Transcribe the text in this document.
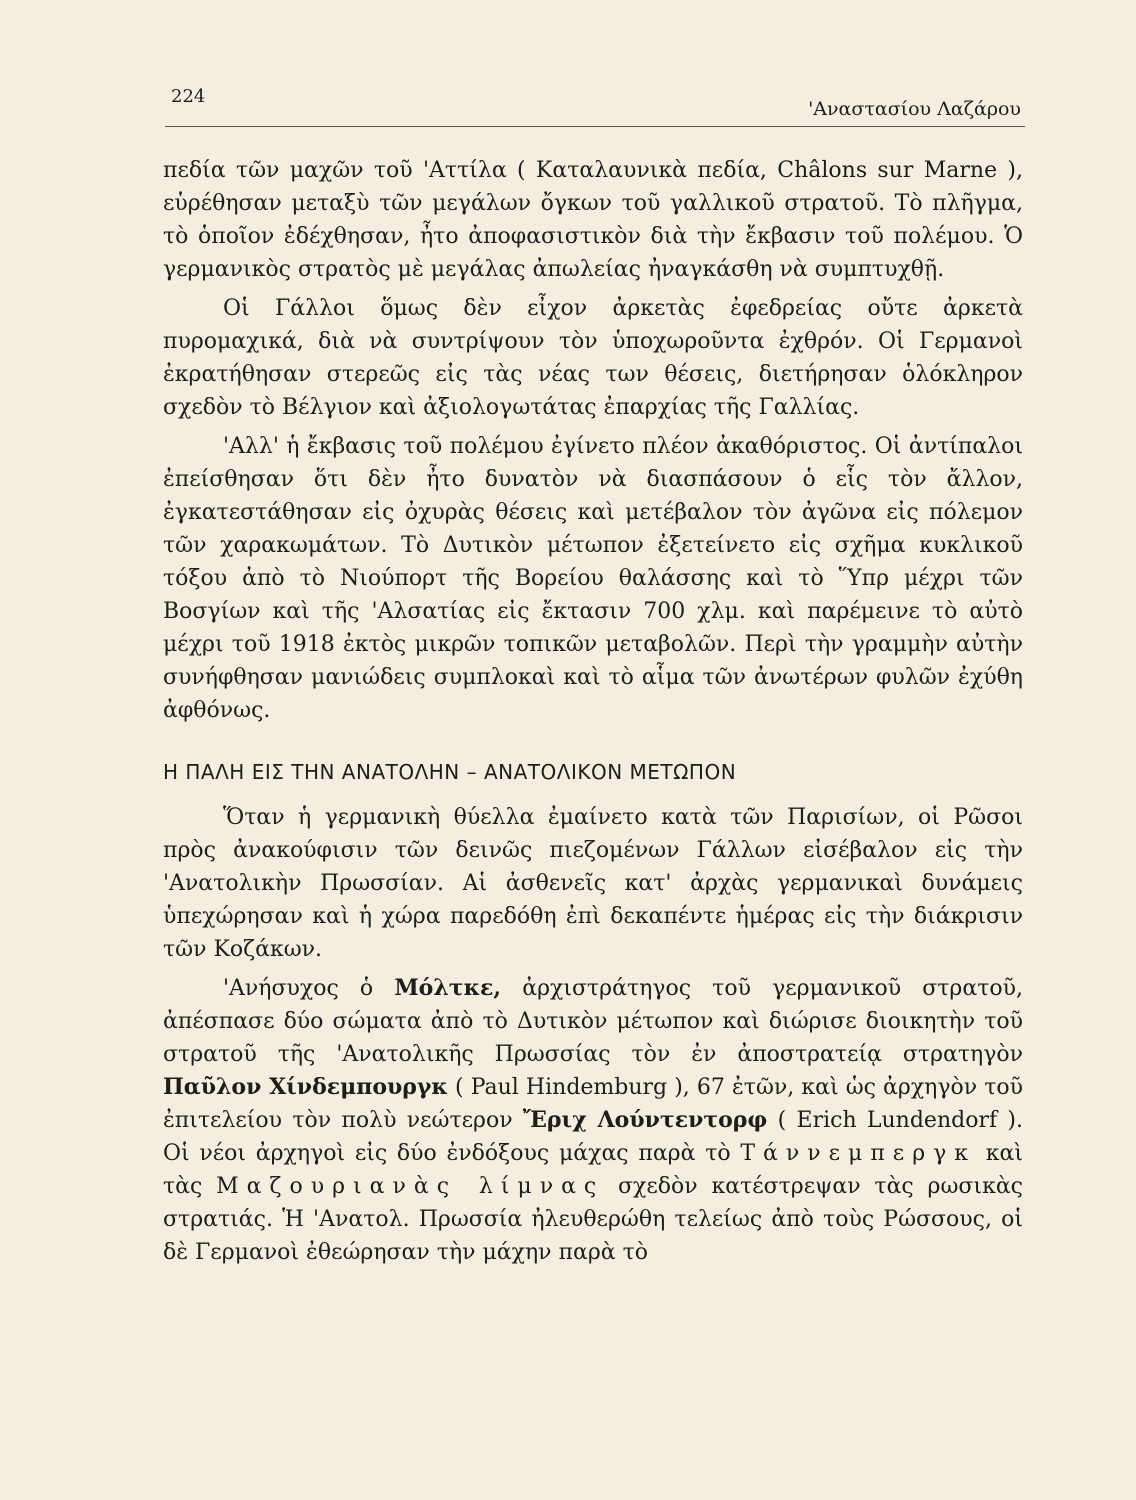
224
'Αναστασίου Λαζάρου

πεδία τῶν μαχῶν τοῦ 'Αττίλα ( Καταλαυνικὰ πεδία, Châlons sur Marne ), εὑρέθησαν μεταξὺ τῶν μεγάλων ὄγκων τοῦ γαλλικοῦ στρατοῦ. Τὸ πλῆγμα, τὸ ὁποῖον ἐδέχθησαν, ἦτο ἀποφασιστικὸν διὰ τὴν ἔκβασιν τοῦ πολέμου. Ὁ γερμανικὸς στρατὸς μὲ μεγάλας ἀπωλείας ἠναγκάσθη νὰ συμπτυχθῇ.

Οἱ Γάλλοι ὅμως δὲν εἶχον ἀρκετὰς ἐφεδρείας οὔτε ἀρκετὰ πυρομαχικά, διὰ νὰ συντρίψουν τὸν ὑποχωροῦντα ἐχθρόν. Οἱ Γερμανοὶ ἐκρατήθησαν στερεῶς εἰς τὰς νέας των θέσεις, διετήρησαν ὁλόκληρον σχεδὸν τὸ Βέλγιον καὶ ἀξιολογωτάτας ἐπαρχίας τῆς Γαλλίας.

'Αλλ' ἡ ἔκβασις τοῦ πολέμου ἐγίνετο πλέον ἀκαθόριστος. Οἱ ἀντίπαλοι ἐπείσθησαν ὅτι δὲν ἦτο δυνατὸν νὰ διασπάσουν ὁ εἷς τὸν ἄλλον, ἐγκατεστάθησαν εἰς ὀχυρὰς θέσεις καὶ μετέβαλον τὸν ἀγῶνα εἰς πόλεμον τῶν χαρακωμάτων. Τὸ Δυτικὸν μέτωπον ἐξετείνετο εἰς σχῆμα κυκλικοῦ τόξου ἀπὸ τὸ Νιούπορτ τῆς Βορείου θαλάσσης καὶ τὸ Ὕπρ μέχρι τῶν Βοσγίων καὶ τῆς 'Αλσατίας εἰς ἔκτασιν 700 χλμ. καὶ παρέμεινε τὸ αὐτὸ μέχρι τοῦ 1918 ἐκτὸς μικρῶν τοπικῶν μεταβολῶν. Περὶ τὴν γραμμὴν αὐτὴν συνήφθησαν μανιώδεις συμπλοκαὶ καὶ τὸ αἷμα τῶν ἀνωτέρων φυλῶν ἐχύθη ἀφθόνως.

Η ΠΑΛΗ ΕΙΣ ΤΗΝ ΑΝΑΤΟΛΗΝ – ΑΝΑΤΟΛΙΚΟΝ ΜΕΤΩΠΟΝ

Ὅταν ἡ γερμανικὴ θύελλα ἐμαίνετο κατὰ τῶν Παρισίων, οἱ Ρῶσοι πρὸς ἀνακούφισιν τῶν δεινῶς πιεζομένων Γάλλων εἰσέβαλον εἰς τὴν 'Ανατολικὴν Πρωσσίαν. Αἱ ἀσθενεῖς κατ' ἀρχὰς γερμανικαὶ δυνάμεις ὑπεχώρησαν καὶ ἡ χώρα παρεδόθη ἐπὶ δεκαπέντε ἡμέρας εἰς τὴν διάκρισιν τῶν Κοζάκων.

'Ανήσυχος ὁ Μόλτκε, ἀρχιστράτηγος τοῦ γερμανικοῦ στρατοῦ, ἀπέσπασε δύο σώματα ἀπὸ τὸ Δυτικὸν μέτωπον καὶ διώρισε διοικητὴν τοῦ στρατοῦ τῆς 'Ανατολικῆς Πρωσσίας τὸν ἐν ἀποστρατείᾳ στρατηγὸν Παῦλον Χίνδεμπουργκ ( Paul Hindemburg ), 67 ἐτῶν, καὶ ὡς ἀρχηγὸν τοῦ ἐπιτελείου τὸν πολὺ νεώτερον Ἔριχ Λούντεντορφ ( Erich Lundendorf ). Οἱ νέοι ἀρχηγοὶ εἰς δύο ἐνδόξους μάχας παρὰ τὸ Τάννεμπεργκ καὶ τὰς Μαζουριανὰς λίμνας σχεδὸν κατέστρεψαν τὰς ρωσικὰς στρατιάς. Ἡ 'Ανατολ. Πρωσσία ἠλευθερώθη τελείως ἀπὸ τοὺς Ρώσσους, οἱ δὲ Γερμανοὶ ἐθεώρησαν τὴν μάχην παρὰ τὸ
